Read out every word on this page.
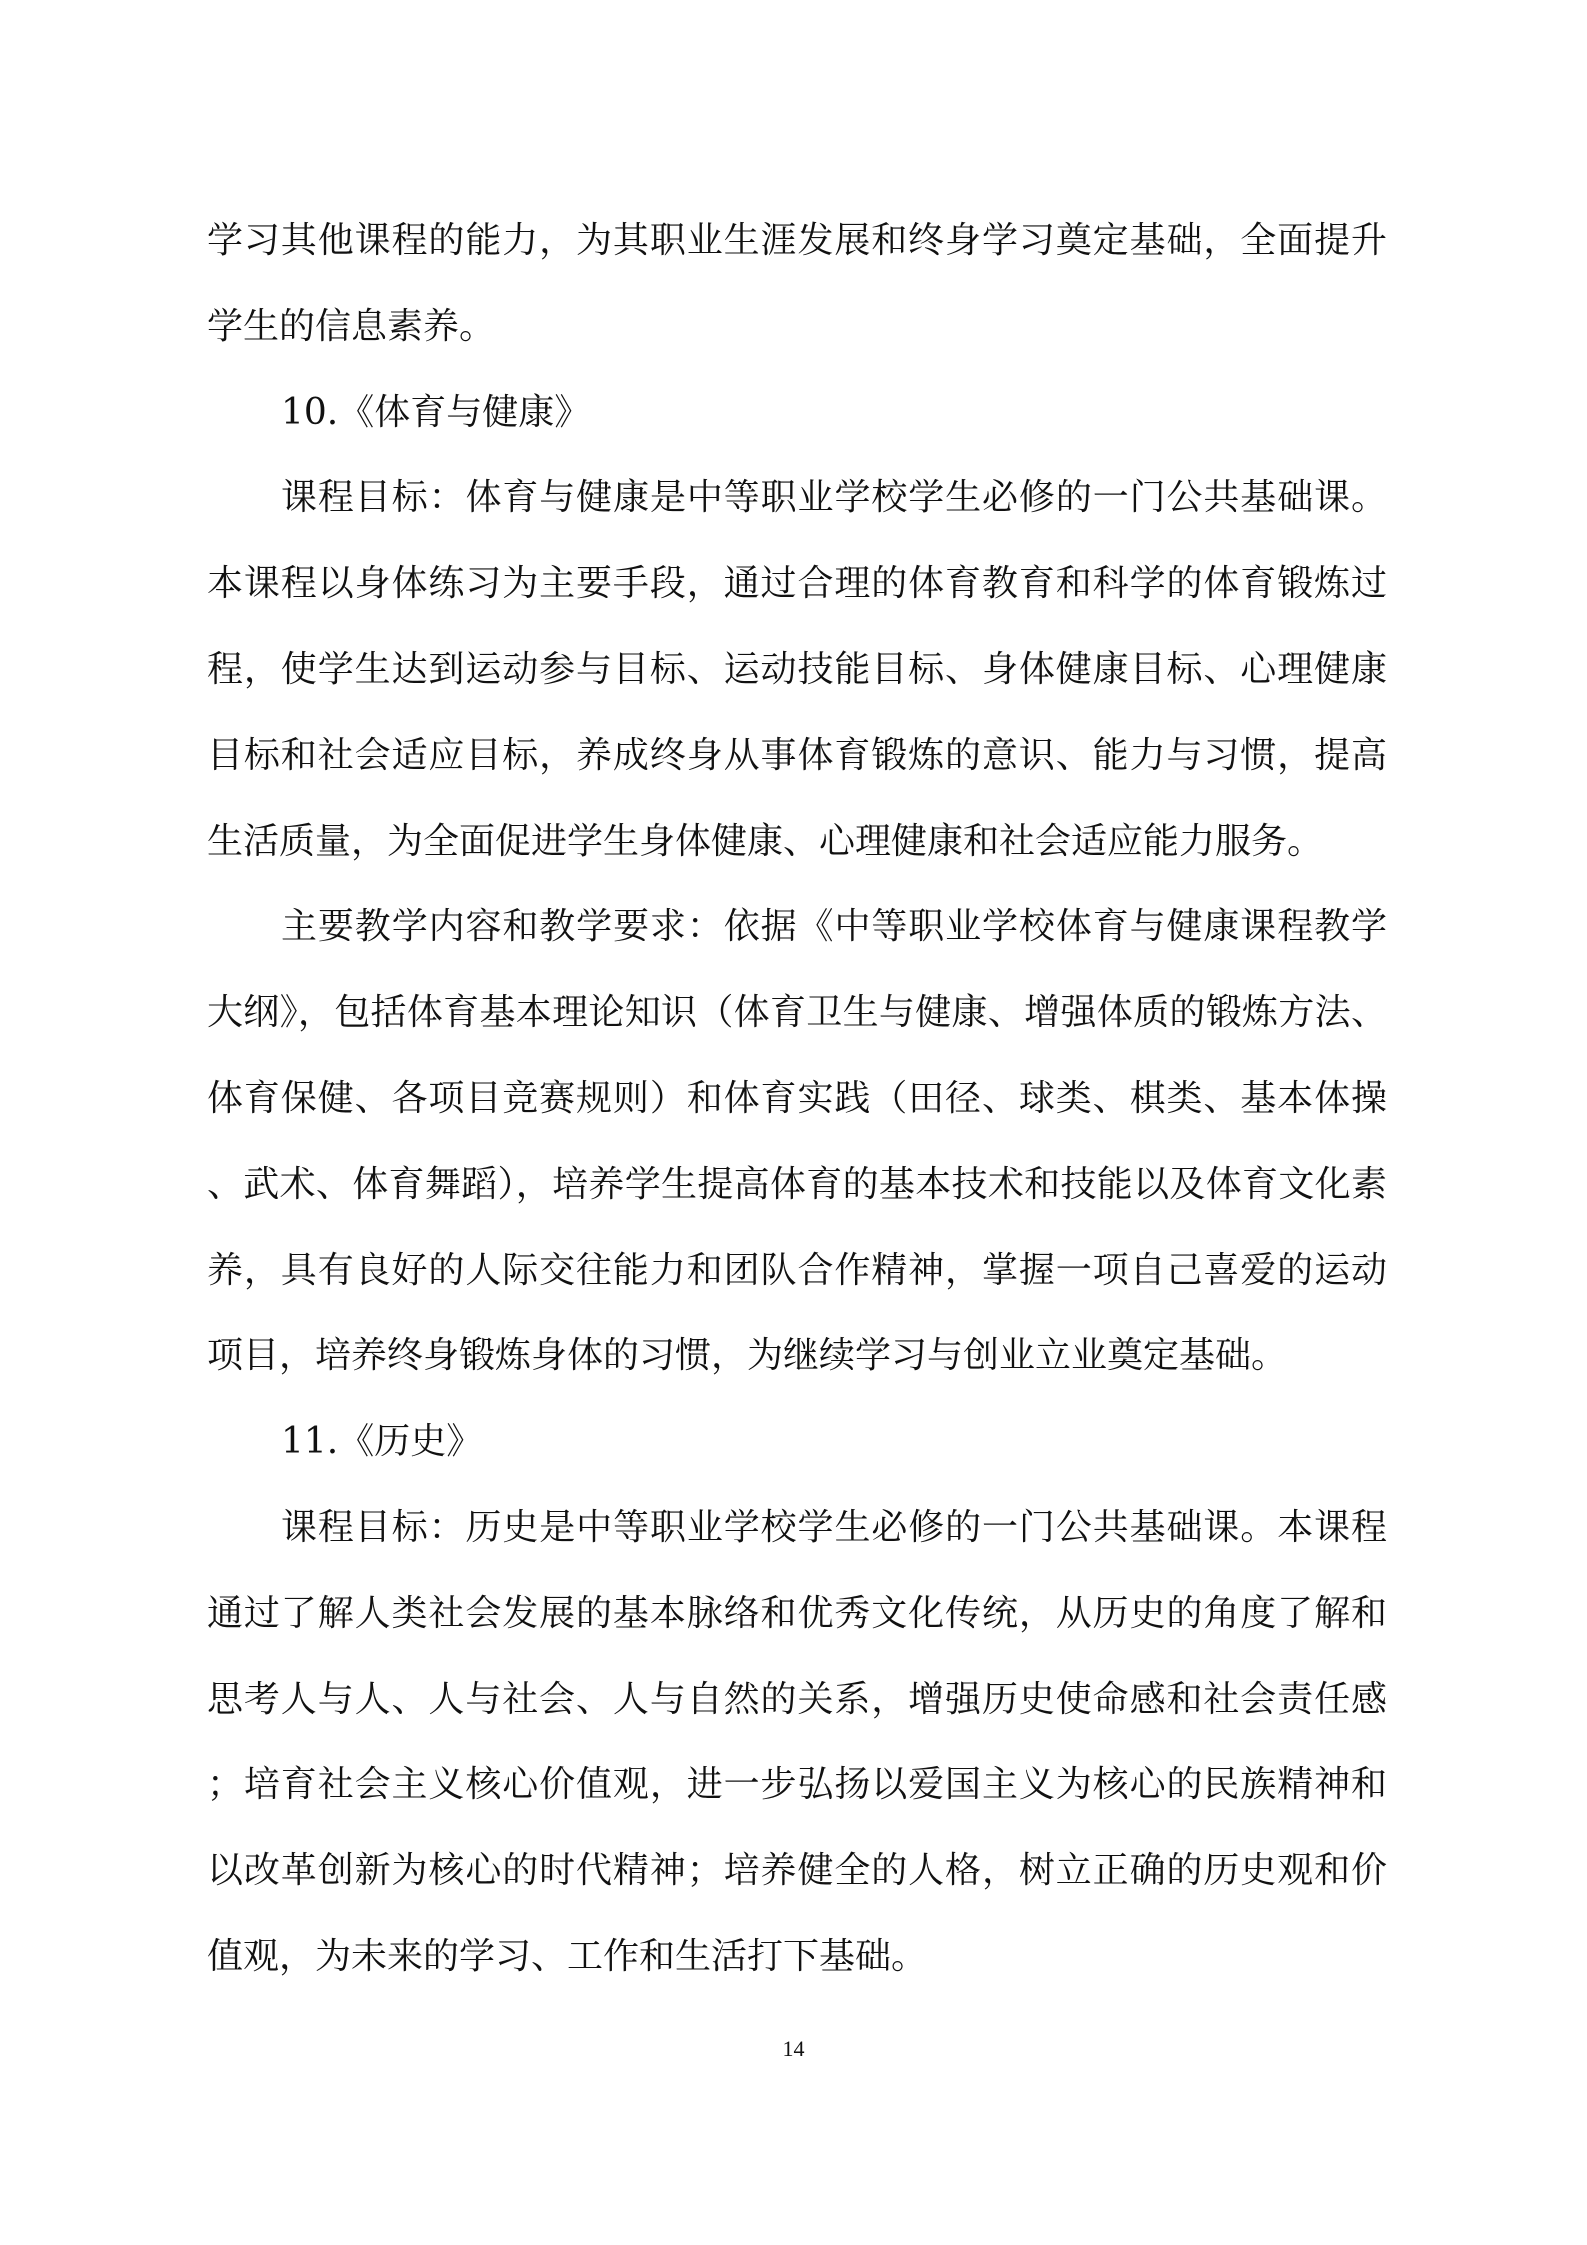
学习其他课程的能力，为其职业生涯发展和终身学习奠定基础，全面提升学生的信息素养。

10.《体育与健康》

课程目标：体育与健康是中等职业学校学生必修的一门公共基础课。本课程以身体练习为主要手段，通过合理的体育教育和科学的体育锻炼过程，使学生达到运动参与目标、运动技能目标、身体健康目标、心理健康目标和社会适应目标，养成终身从事体育锻炼的意识、能力与习惯，提高生活质量，为全面促进学生身体健康、心理健康和社会适应能力服务。

主要教学内容和教学要求：依据《中等职业学校体育与健康课程教学大纲》，包括体育基本理论知识（体育卫生与健康、增强体质的锻炼方法、体育保健、各项目竞赛规则）和体育实践（田径、球类、棋类、基本体操、武术、体育舞蹈），培养学生提高体育的基本技术和技能以及体育文化素养，具有良好的人际交往能力和团队合作精神，掌握一项自己喜爱的运动项目，培养终身锻炼身体的习惯，为继续学习与创业立业奠定基础。

11.《历史》

课程目标：历史是中等职业学校学生必修的一门公共基础课。本课程通过了解人类社会发展的基本脉络和优秀文化传统，从历史的角度了解和思考人与人、人与社会、人与自然的关系，增强历史使命感和社会责任感；培育社会主义核心价值观，进一步弘扬以爱国主义为核心的民族精神和以改革创新为核心的时代精神；培养健全的人格，树立正确的历史观和价值观，为未来的学习、工作和生活打下基础。

14
